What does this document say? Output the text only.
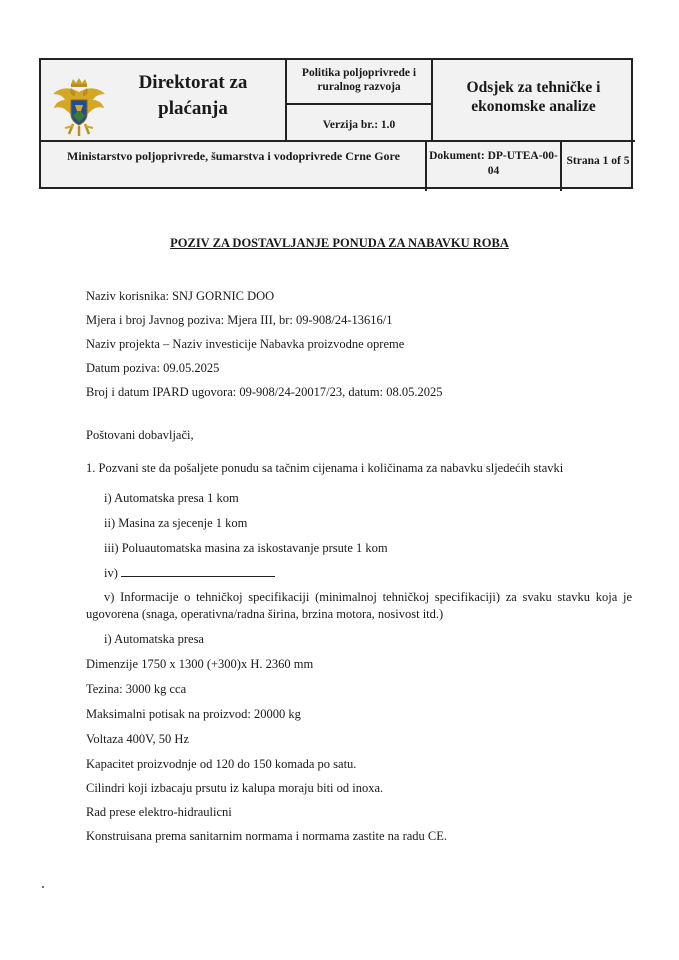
Direktorat za plaćanja
Politika poljoprivrede i ruralnog razvoja
Verzija br.: 1.0
Odsjek za tehničke i ekonomske analize
Ministarstvo poljoprivrede, šumarstva i vodoprivrede Crne Gore	Dokument: DP-UTEA-00-04
Strana 1 of 5
POZIV ZA DOSTAVLJANJE PONUDA ZA NABAVKU ROBA
Naziv korisnika: SNJ GORNIC DOO
Mjera i broj Javnog poziva: Mjera III, br: 09-908/24-13616/1
Naziv projekta – Naziv investicije Nabavka proizvodne opreme
Datum poziva: 09.05.2025
Broj i datum IPARD ugovora: 09-908/24-20017/23, datum: 08.05.2025
Poštovani dobavljači,
1. Pozvani ste da pošaljete ponudu sa tačnim cijenama i količinama za nabavku sljedećih stavki
i) Automatska presa 1 kom
ii) Masina za sjecenje 1 kom
iii) Poluautomatska masina za iskostavanje prsute 1 kom
iv)
v) Informacije o tehničkoj specifikaciji (minimalnoj tehničkoj specifikaciji) za svaku stavku koja je ugovorena (snaga, operativna/radna širina, brzina motora, nosivost itd.)
i) Automatska presa
Dimenzije 1750 x 1300 (+300)x H. 2360 mm
Tezina: 3000 kg cca
Maksimalni potisak na proizvod: 20000 kg
Voltaza 400V, 50 Hz
Kapacitet proizvodnje od 120 do 150 komada po satu.
Cilindri koji izbacaju prsutu iz kalupa moraju biti od inoxa.
Rad prese elektro-hidraulicni
Konstruisana prema sanitarnim normama i normama zastite na radu CE.
